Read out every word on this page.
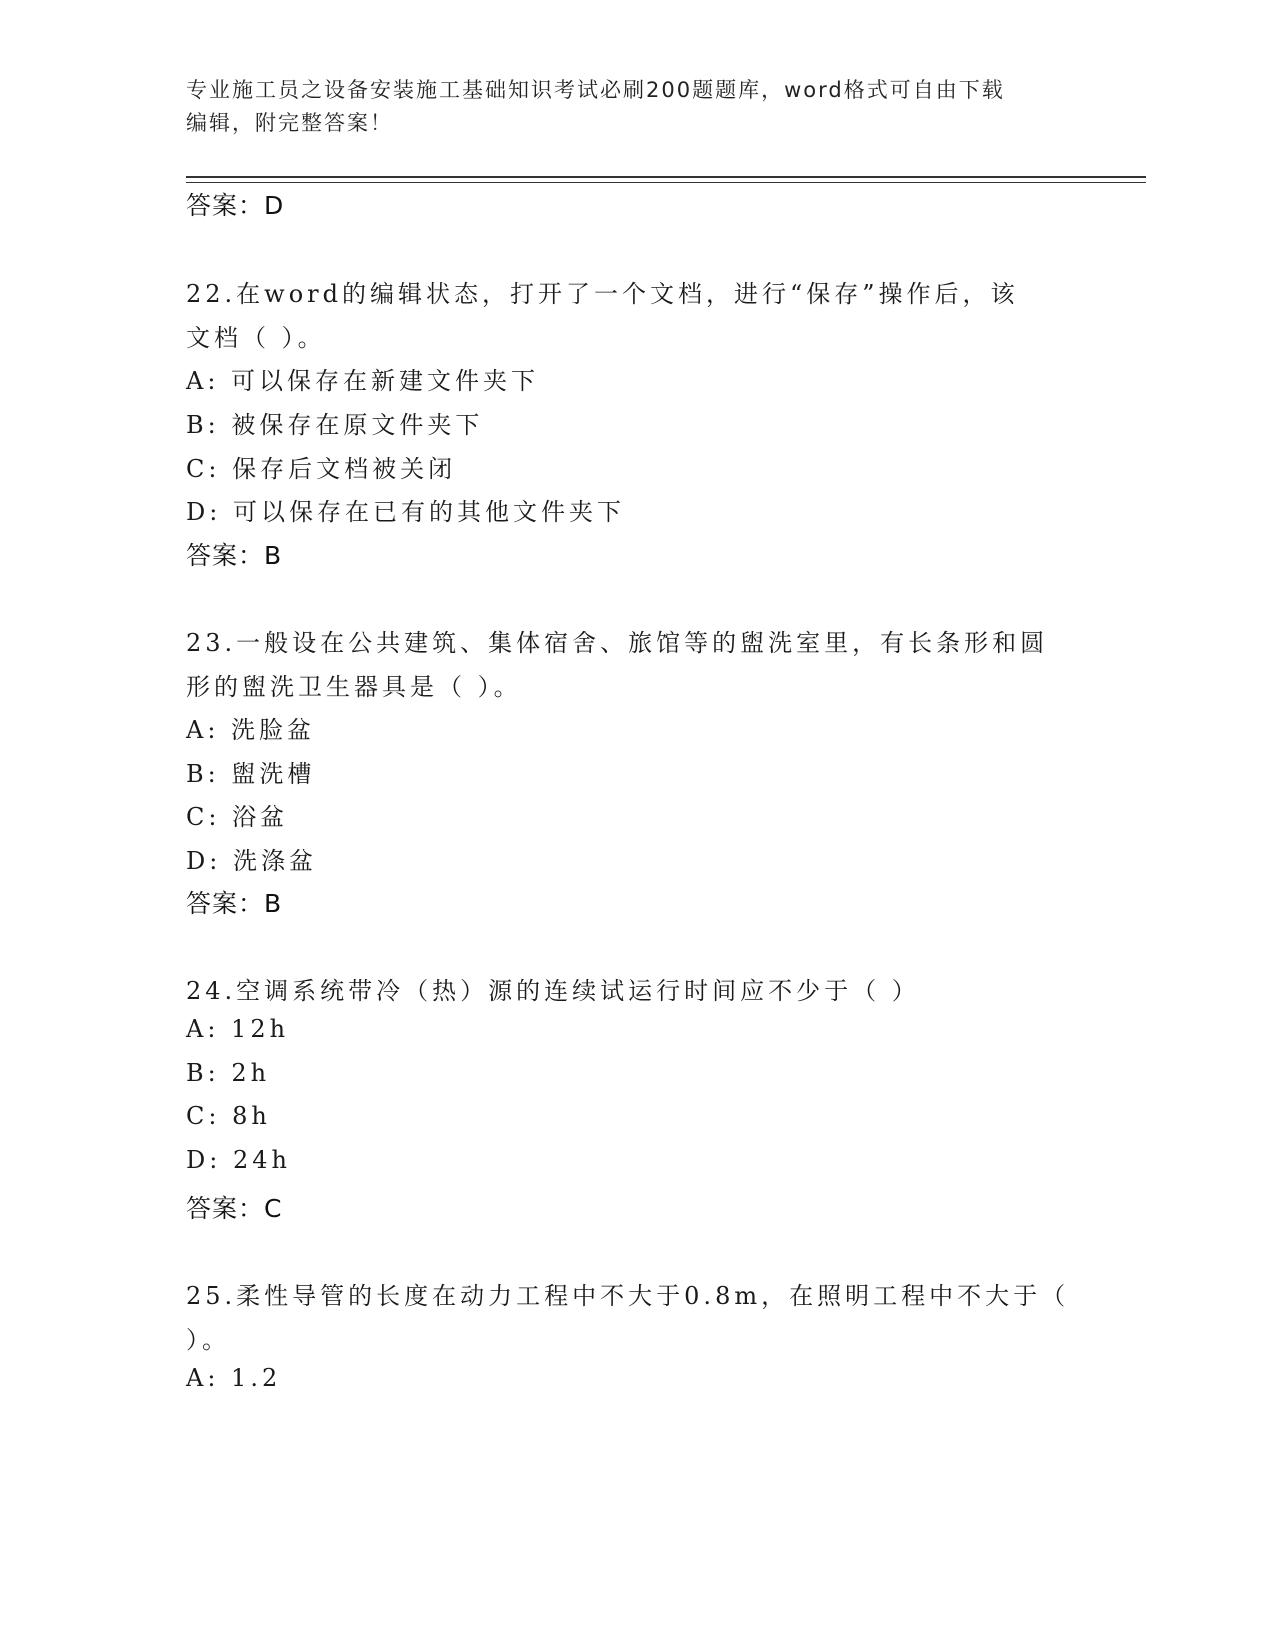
专业施工员之设备安装施工基础知识考试必刷200题题库，word格式可自由下载
编辑，附完整答案！
答案：D
22.在word的编辑状态，打开了一个文档，进行“保存”操作后，该
文档（ ）。
A: 可以保存在新建文件夹下
B: 被保存在原文件夹下
C: 保存后文档被关闭
D: 可以保存在已有的其他文件夹下
答案：B
23.一般设在公共建筑、集体宿舍、旅馆等的盥洗室里，有长条形和圆
形的盥洗卫生器具是（ ）。
A: 洗脸盆
B: 盥洗槽
C: 浴盆
D: 洗涤盆
答案：B
24.空调系统带冷（热）源的连续试运行时间应不少于（ ）
A: 12h
B: 2h
C: 8h
D: 24h
答案：C
25.柔性导管的长度在动力工程中不大于0.8m，在照明工程中不大于（
）。
A: 1.2
